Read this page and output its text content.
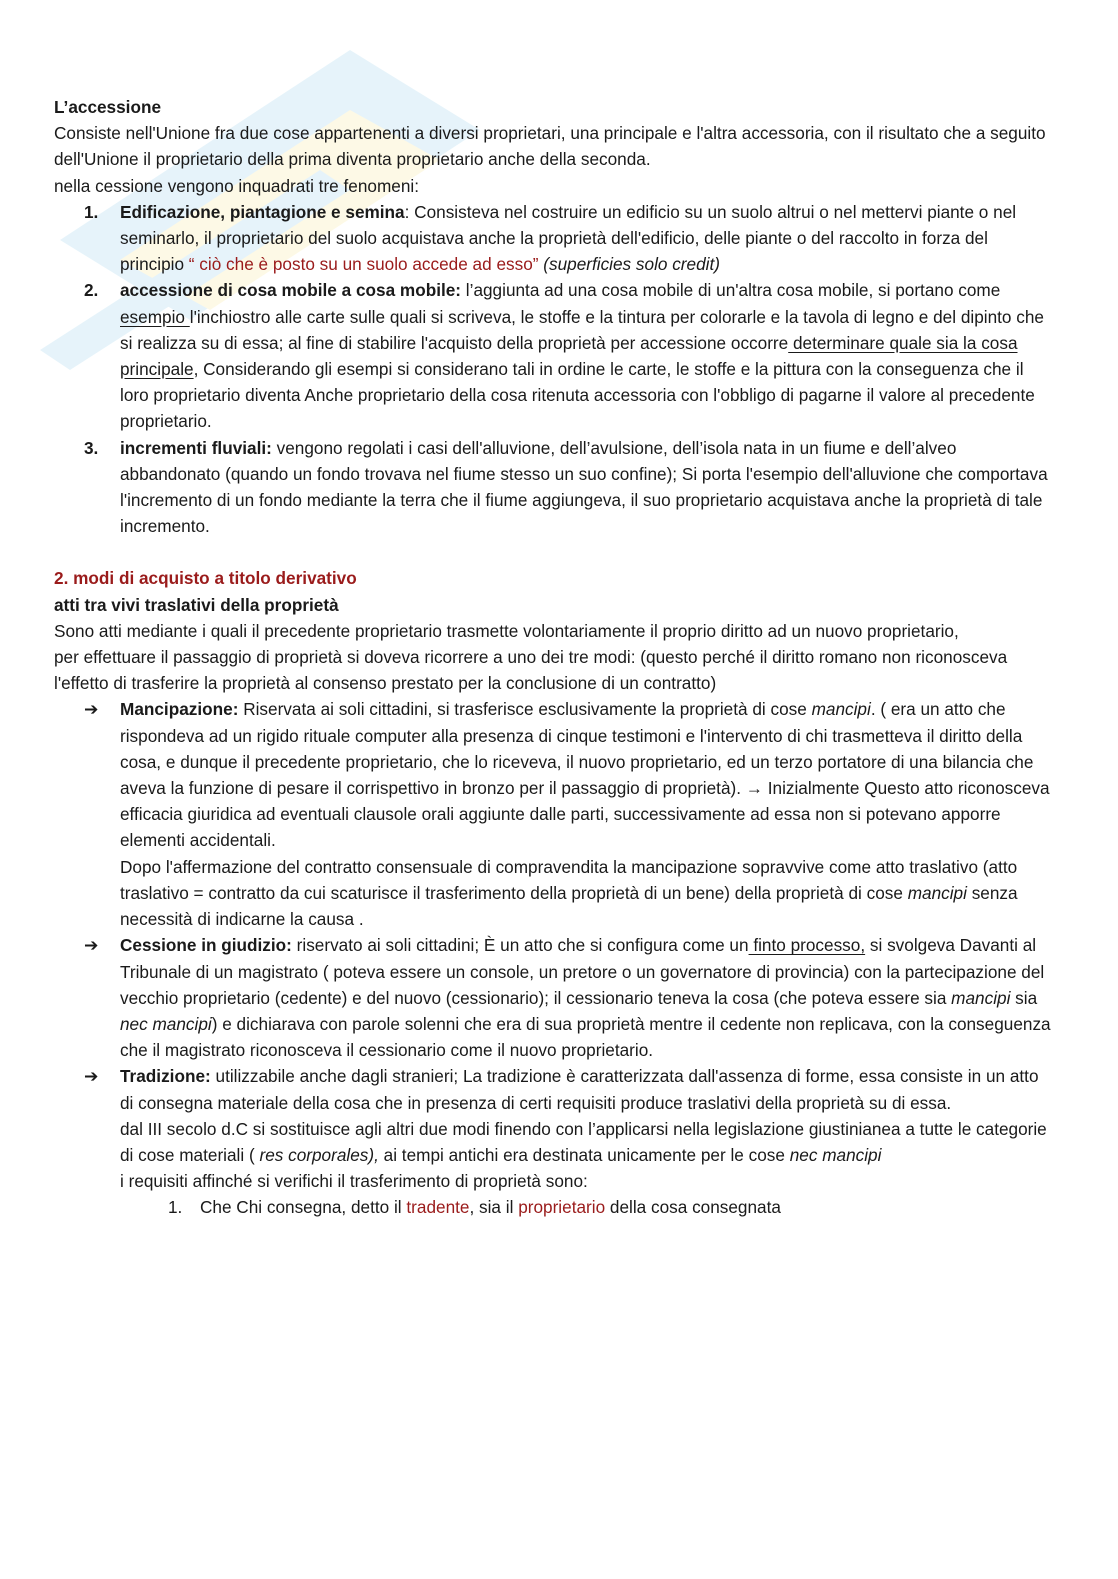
L’accessione

Consiste nell'Unione fra due cose appartenenti a diversi proprietari, una principale e l'altra accessoria, con il risultato che a seguito dell'Unione il proprietario della prima diventa proprietario anche della seconda.

nella cessione vengono inquadrati tre fenomeni:

1. Edificazione, piantagione e semina: Consisteva nel costruire un edificio su un suolo altrui o nel mettervi piante o nel seminarlo, il proprietario del suolo acquistava anche la proprietà dell'edificio, delle piante o del raccolto in forza del principio “ ciò che è posto su un suolo accede ad esso” (superficies solo credit)
2. accessione di cosa mobile a cosa mobile: l’aggiunta ad una cosa mobile di un'altra cosa mobile, si portano come esempio l'inchiostro alle carte sulle quali si scriveva, le stoffe e la tintura per colorarle e la tavola di legno e del dipinto che si realizza su di essa; al fine di stabilire l'acquisto della proprietà per accessione occorre determinare quale sia la cosa principale, Considerando gli esempi si considerano tali in ordine le carte, le stoffe e la pittura con la conseguenza che il loro proprietario diventa Anche proprietario della cosa ritenuta accessoria con l'obbligo di pagarne il valore al precedente proprietario.
3. incrementi fluviali: vengono regolati i casi dell'alluvione, dell’avulsione, dell’isola nata in un fiume e dell’alveo abbandonato (quando un fondo trovava nel fiume stesso un suo confine); Si porta l'esempio dell'alluvione che comportava l'incremento di un fondo mediante la terra che il fiume aggiungeva, il suo proprietario acquistava anche la proprietà di tale incremento.

2. modi di acquisto a titolo derivativo

atti tra vivi traslativi della proprietà

Sono atti mediante i quali il precedente proprietario trasmette volontariamente il proprio diritto ad un nuovo proprietario,

per effettuare il passaggio di proprietà si doveva ricorrere a uno dei tre modi: (questo perché il diritto romano non riconosceva l'effetto di trasferire la proprietà al consenso prestato per la conclusione di un contratto)

➔ Mancipazione: Riservata ai soli cittadini, si trasferisce esclusivamente la proprietà di cose mancipi. ( era un atto che rispondeva ad un rigido rituale computer alla presenza di cinque testimoni e l'intervento di chi trasmetteva il diritto della cosa, e dunque il precedente proprietario, che lo riceveva, il nuovo proprietario, ed un terzo portatore di una bilancia che aveva la funzione di pesare il corrispettivo in bronzo per il passaggio di proprietà). → Inizialmente Questo atto riconosceva efficacia giuridica ad eventuali clausole orali aggiunte dalle parti, successivamente ad essa non si potevano apporre elementi accidentali.

Dopo l'affermazione del contratto consensuale di compravendita la mancipazione sopravvive come atto traslativo (atto traslativo = contratto da cui scaturisce il trasferimento della proprietà di un bene) della proprietà di cose mancipi senza necessità di indicarne la causa .

➔ Cessione in giudizio: riservato ai soli cittadini; È un atto che si configura come un finto processo, si svolgeva Davanti al Tribunale di un magistrato ( poteva essere un console, un pretore o un governatore di provincia) con la partecipazione del vecchio proprietario (cedente) e del nuovo (cessionario); il cessionario teneva la cosa (che poteva essere sia mancipi sia nec mancipi) e dichiarava con parole solenni che era di sua proprietà mentre il cedente non replicava, con la conseguenza che il magistrato riconosceva il cessionario come il nuovo proprietario.
➔ Tradizione: utilizzabile anche dagli stranieri; La tradizione è caratterizzata dall'assenza di forme, essa consiste in un atto di consegna materiale della cosa che in presenza di certi requisiti produce traslativi della proprietà su di essa.

dal III secolo d.C si sostituisce agli altri due modi finendo con l’applicarsi nella legislazione giustinianea a tutte le categorie di cose materiali ( res corporales), ai tempi antichi era destinata unicamente per le cose nec mancipi

i requisiti affinché si verifichi il trasferimento di proprietà sono:

1. Che Chi consegna, detto il tradente, sia il proprietario della cosa consegnata
